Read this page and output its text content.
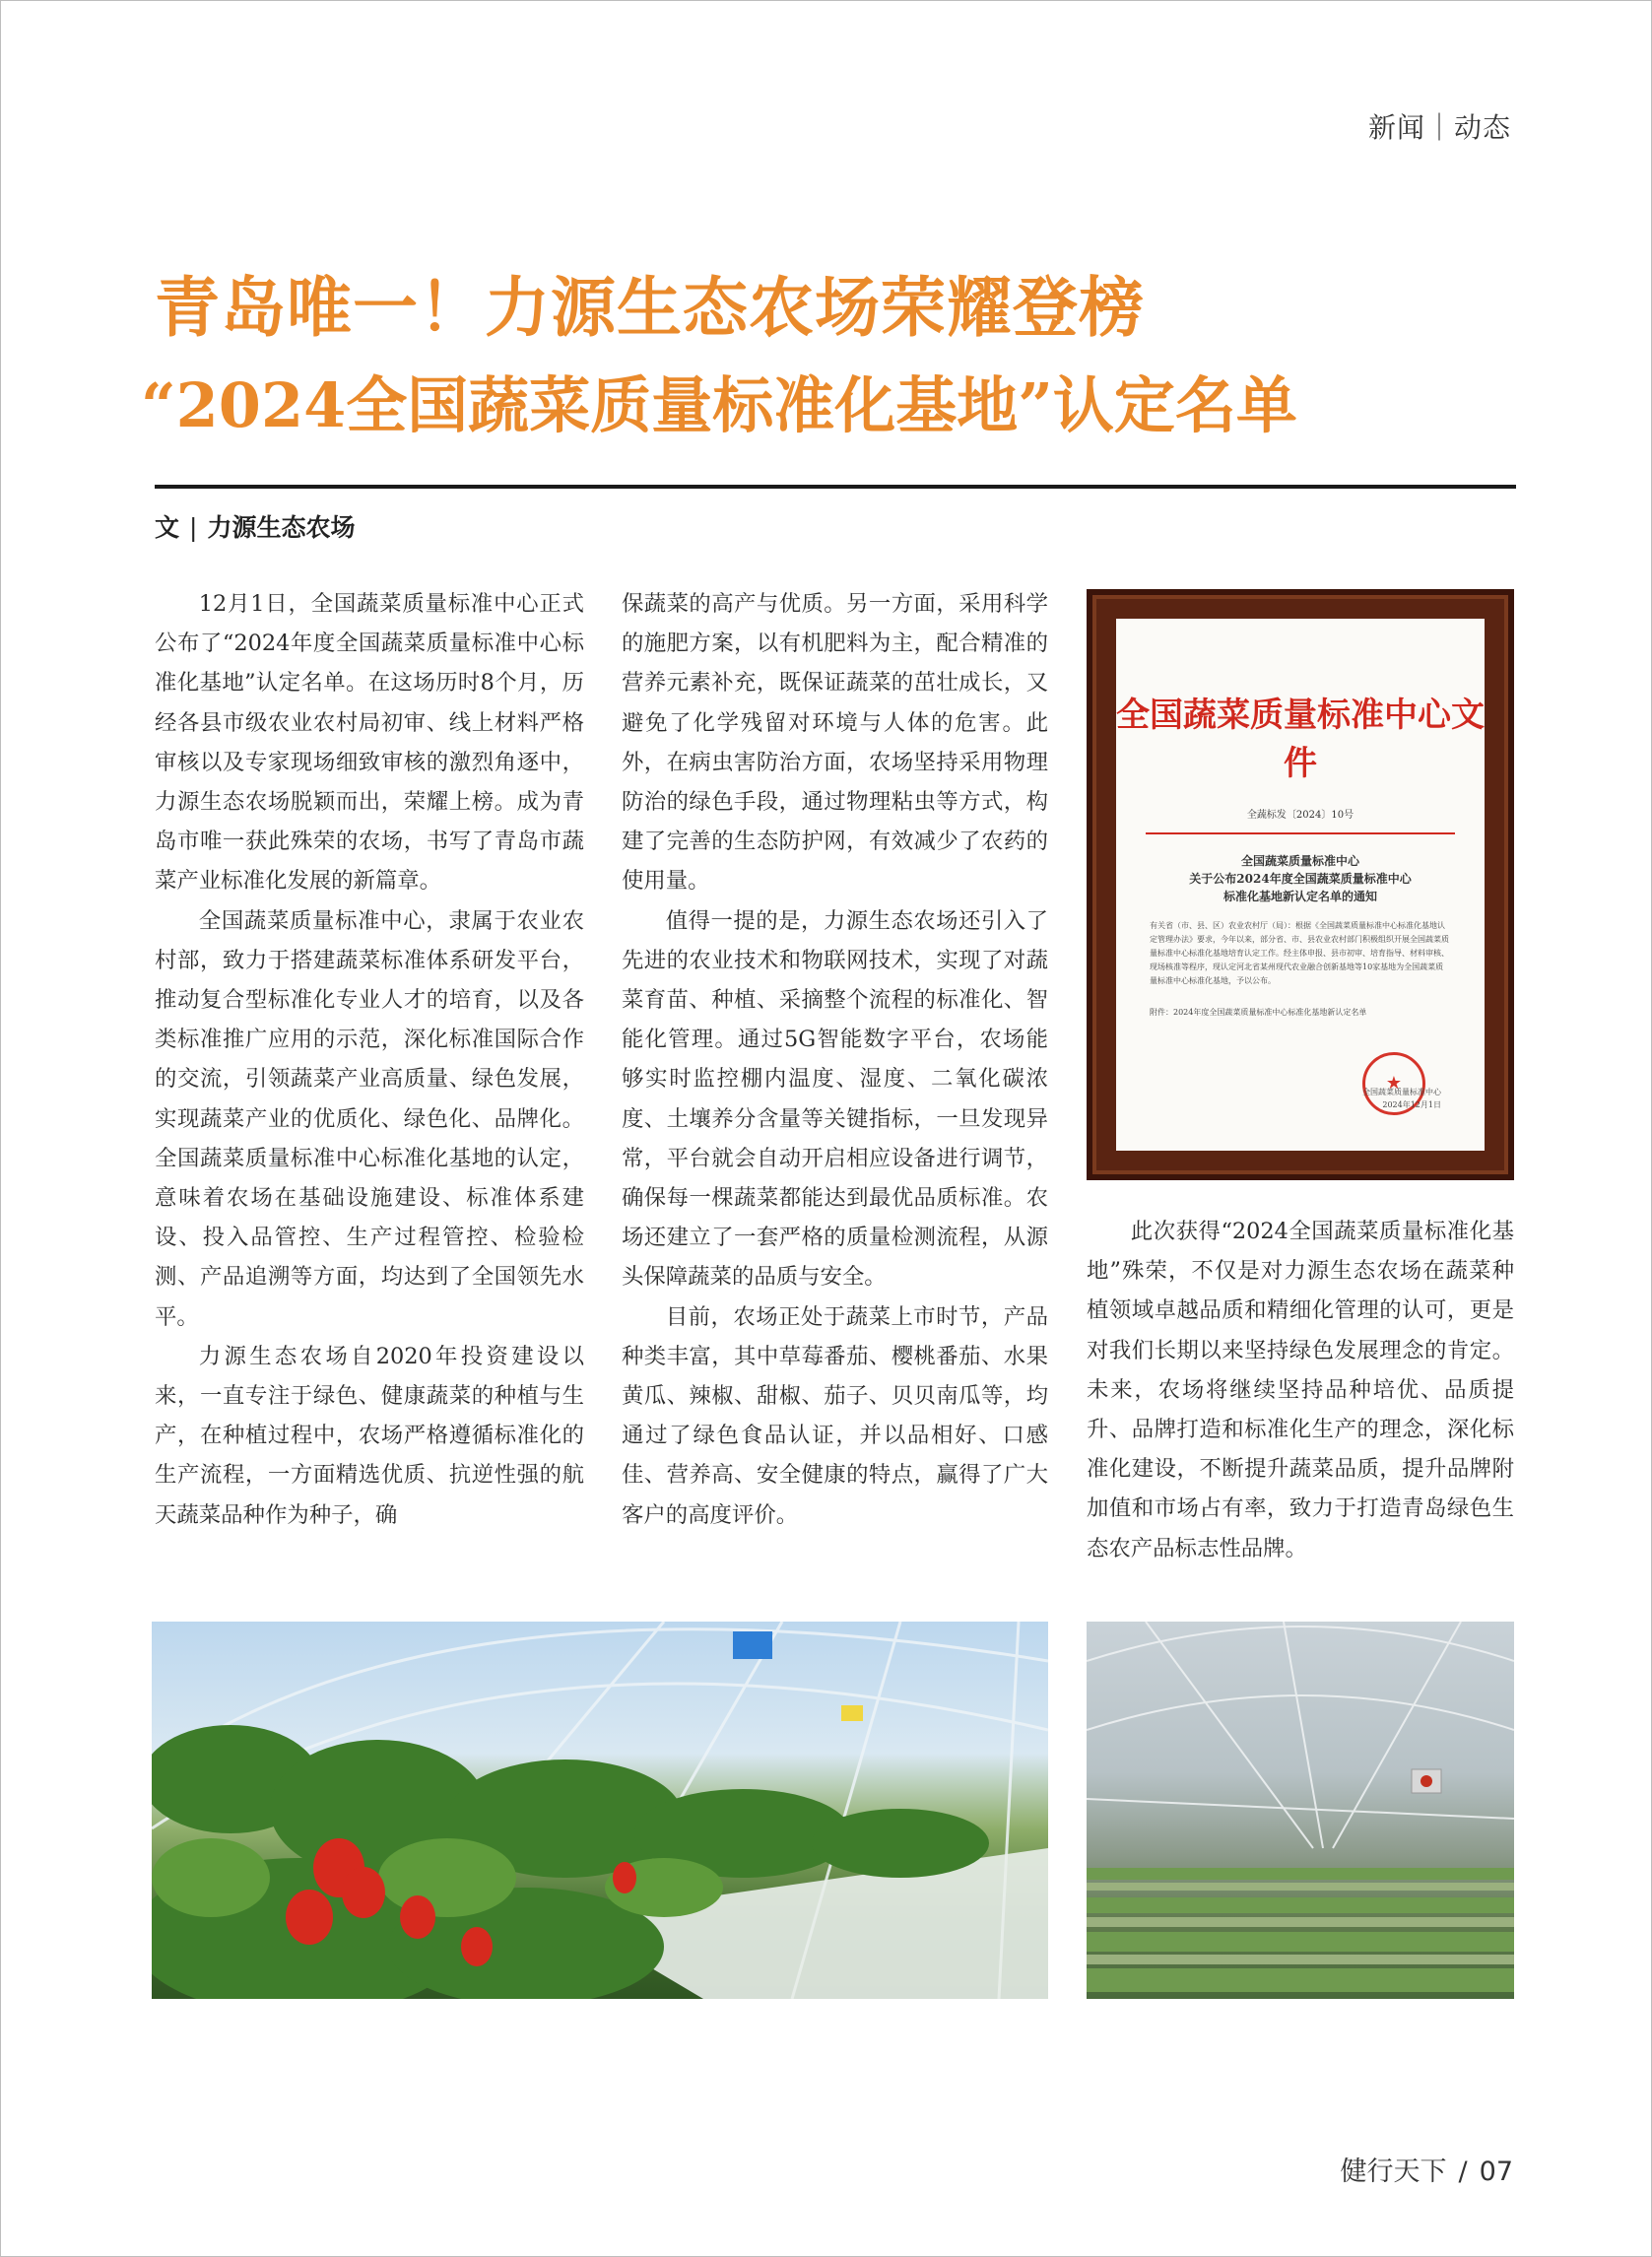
新闻｜动态
青岛唯一！力源生态农场荣耀登榜
“2024全国蔬菜质量标准化基地”认定名单
文 | 力源生态农场

12月1日，全国蔬菜质量标准中心正式公布了“2024年度全国蔬菜质量标准中心标准化基地”认定名单。在这场历时8个月，历经各县市级农业农村局初审、线上材料严格审核以及专家现场细致审核的激烈角逐中，力源生态农场脱颖而出，荣耀上榜。成为青岛市唯一获此殊荣的农场，书写了青岛市蔬菜产业标准化发展的新篇章。

全国蔬菜质量标准中心，隶属于农业农村部，致力于搭建蔬菜标准体系研发平台，推动复合型标准化专业人才的培育，以及各类标准推广应用的示范，深化标准国际合作的交流，引领蔬菜产业高质量、绿色发展，实现蔬菜产业的优质化、绿色化、品牌化。全国蔬菜质量标准中心标准化基地的认定，意味着农场在基础设施建设、标准体系建设、投入品管控、生产过程管控、检验检测、产品追溯等方面，均达到了全国领先水平。

力源生态农场自2020年投资建设以来，一直专注于绿色、健康蔬菜的种植与生产，在种植过程中，农场严格遵循标准化的生产流程，一方面精选优质、抗逆性强的航天蔬菜品种作为种子，确

保蔬菜的高产与优质。另一方面，采用科学的施肥方案，以有机肥料为主，配合精准的营养元素补充，既保证蔬菜的茁壮成长，又避免了化学残留对环境与人体的危害。此外，在病虫害防治方面，农场坚持采用物理防治的绿色手段，通过物理粘虫等方式，构建了完善的生态防护网，有效减少了农药的使用量。

值得一提的是，力源生态农场还引入了先进的农业技术和物联网技术，实现了对蔬菜育苗、种植、采摘整个流程的标准化、智能化管理。通过5G智能数字平台，农场能够实时监控棚内温度、湿度、二氧化碳浓度、土壤养分含量等关键指标，一旦发现异常，平台就会自动开启相应设备进行调节，确保每一棵蔬菜都能达到最优品质标准。农场还建立了一套严格的质量检测流程，从源头保障蔬菜的品质与安全。

目前，农场正处于蔬菜上市时节，产品种类丰富，其中草莓番茄、樱桃番茄、水果黄瓜、辣椒、甜椒、茄子、贝贝南瓜等，均通过了绿色食品认证，并以品相好、口感佳、营养高、安全健康的特点，赢得了广大客户的高度评价。

全国蔬菜质量标准中心文件
全蔬标发〔2024〕10号
全国蔬菜质量标准中心
关于公布2024年度全国蔬菜质量标准中心
标准化基地新认定名单的通知
有关省（市、县、区）农业农村厅（局）：根据《全国蔬菜质量标准中心标准化基地认定管理办法》要求，今年以来，部分省、市、县农业农村部门积极组织开展全国蔬菜质量标准中心标准化基地培育认定工作。经主体申报、县市初审、培育指导、材料审核、现场核准等程序，现认定河北省某州现代农业融合创新基地等10家基地为全国蔬菜质量标准中心标准化基地，予以公布。
附件：2024年度全国蔬菜质量标准中心标准化基地新认定名单
★
全国蔬菜质量标准中心
2024年12月1日

此次获得“2024全国蔬菜质量标准化基地”殊荣，不仅是对力源生态农场在蔬菜种植领域卓越品质和精细化管理的认可，更是对我们长期以来坚持绿色发展理念的肯定。未来，农场将继续坚持品种培优、品质提升、品牌打造和标准化生产的理念，深化标准化建设，不断提升蔬菜品质，提升品牌附加值和市场占有率，致力于打造青岛绿色生态农产品标志性品牌。

健行天下 / 07
